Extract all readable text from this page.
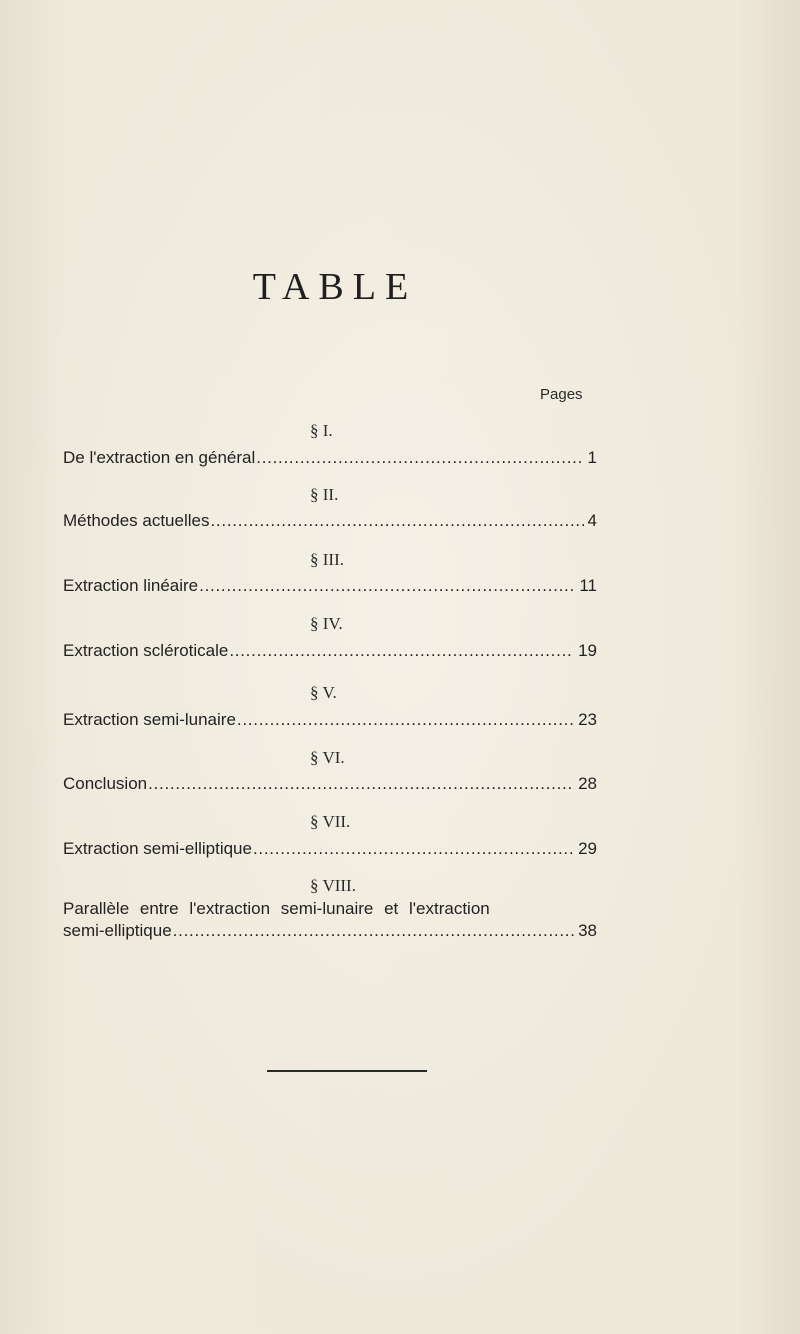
TABLE
Pages
§ I.
De l'extraction en général . . .	1
§ II.
Méthodes actuelles . . .	4
§ III.
Extraction linéaire . . .	11
§ IV.
Extraction scléroticale . . .	19
§ V.
Extraction semi-lunaire . . .	23
§ VI.
Conclusion . . .	28
§ VII.
Extraction semi-elliptique . . .	29
§ VIII.
Parallèle entre l'extraction semi-lunaire et l'extraction
semi-elliptique . . .	38
